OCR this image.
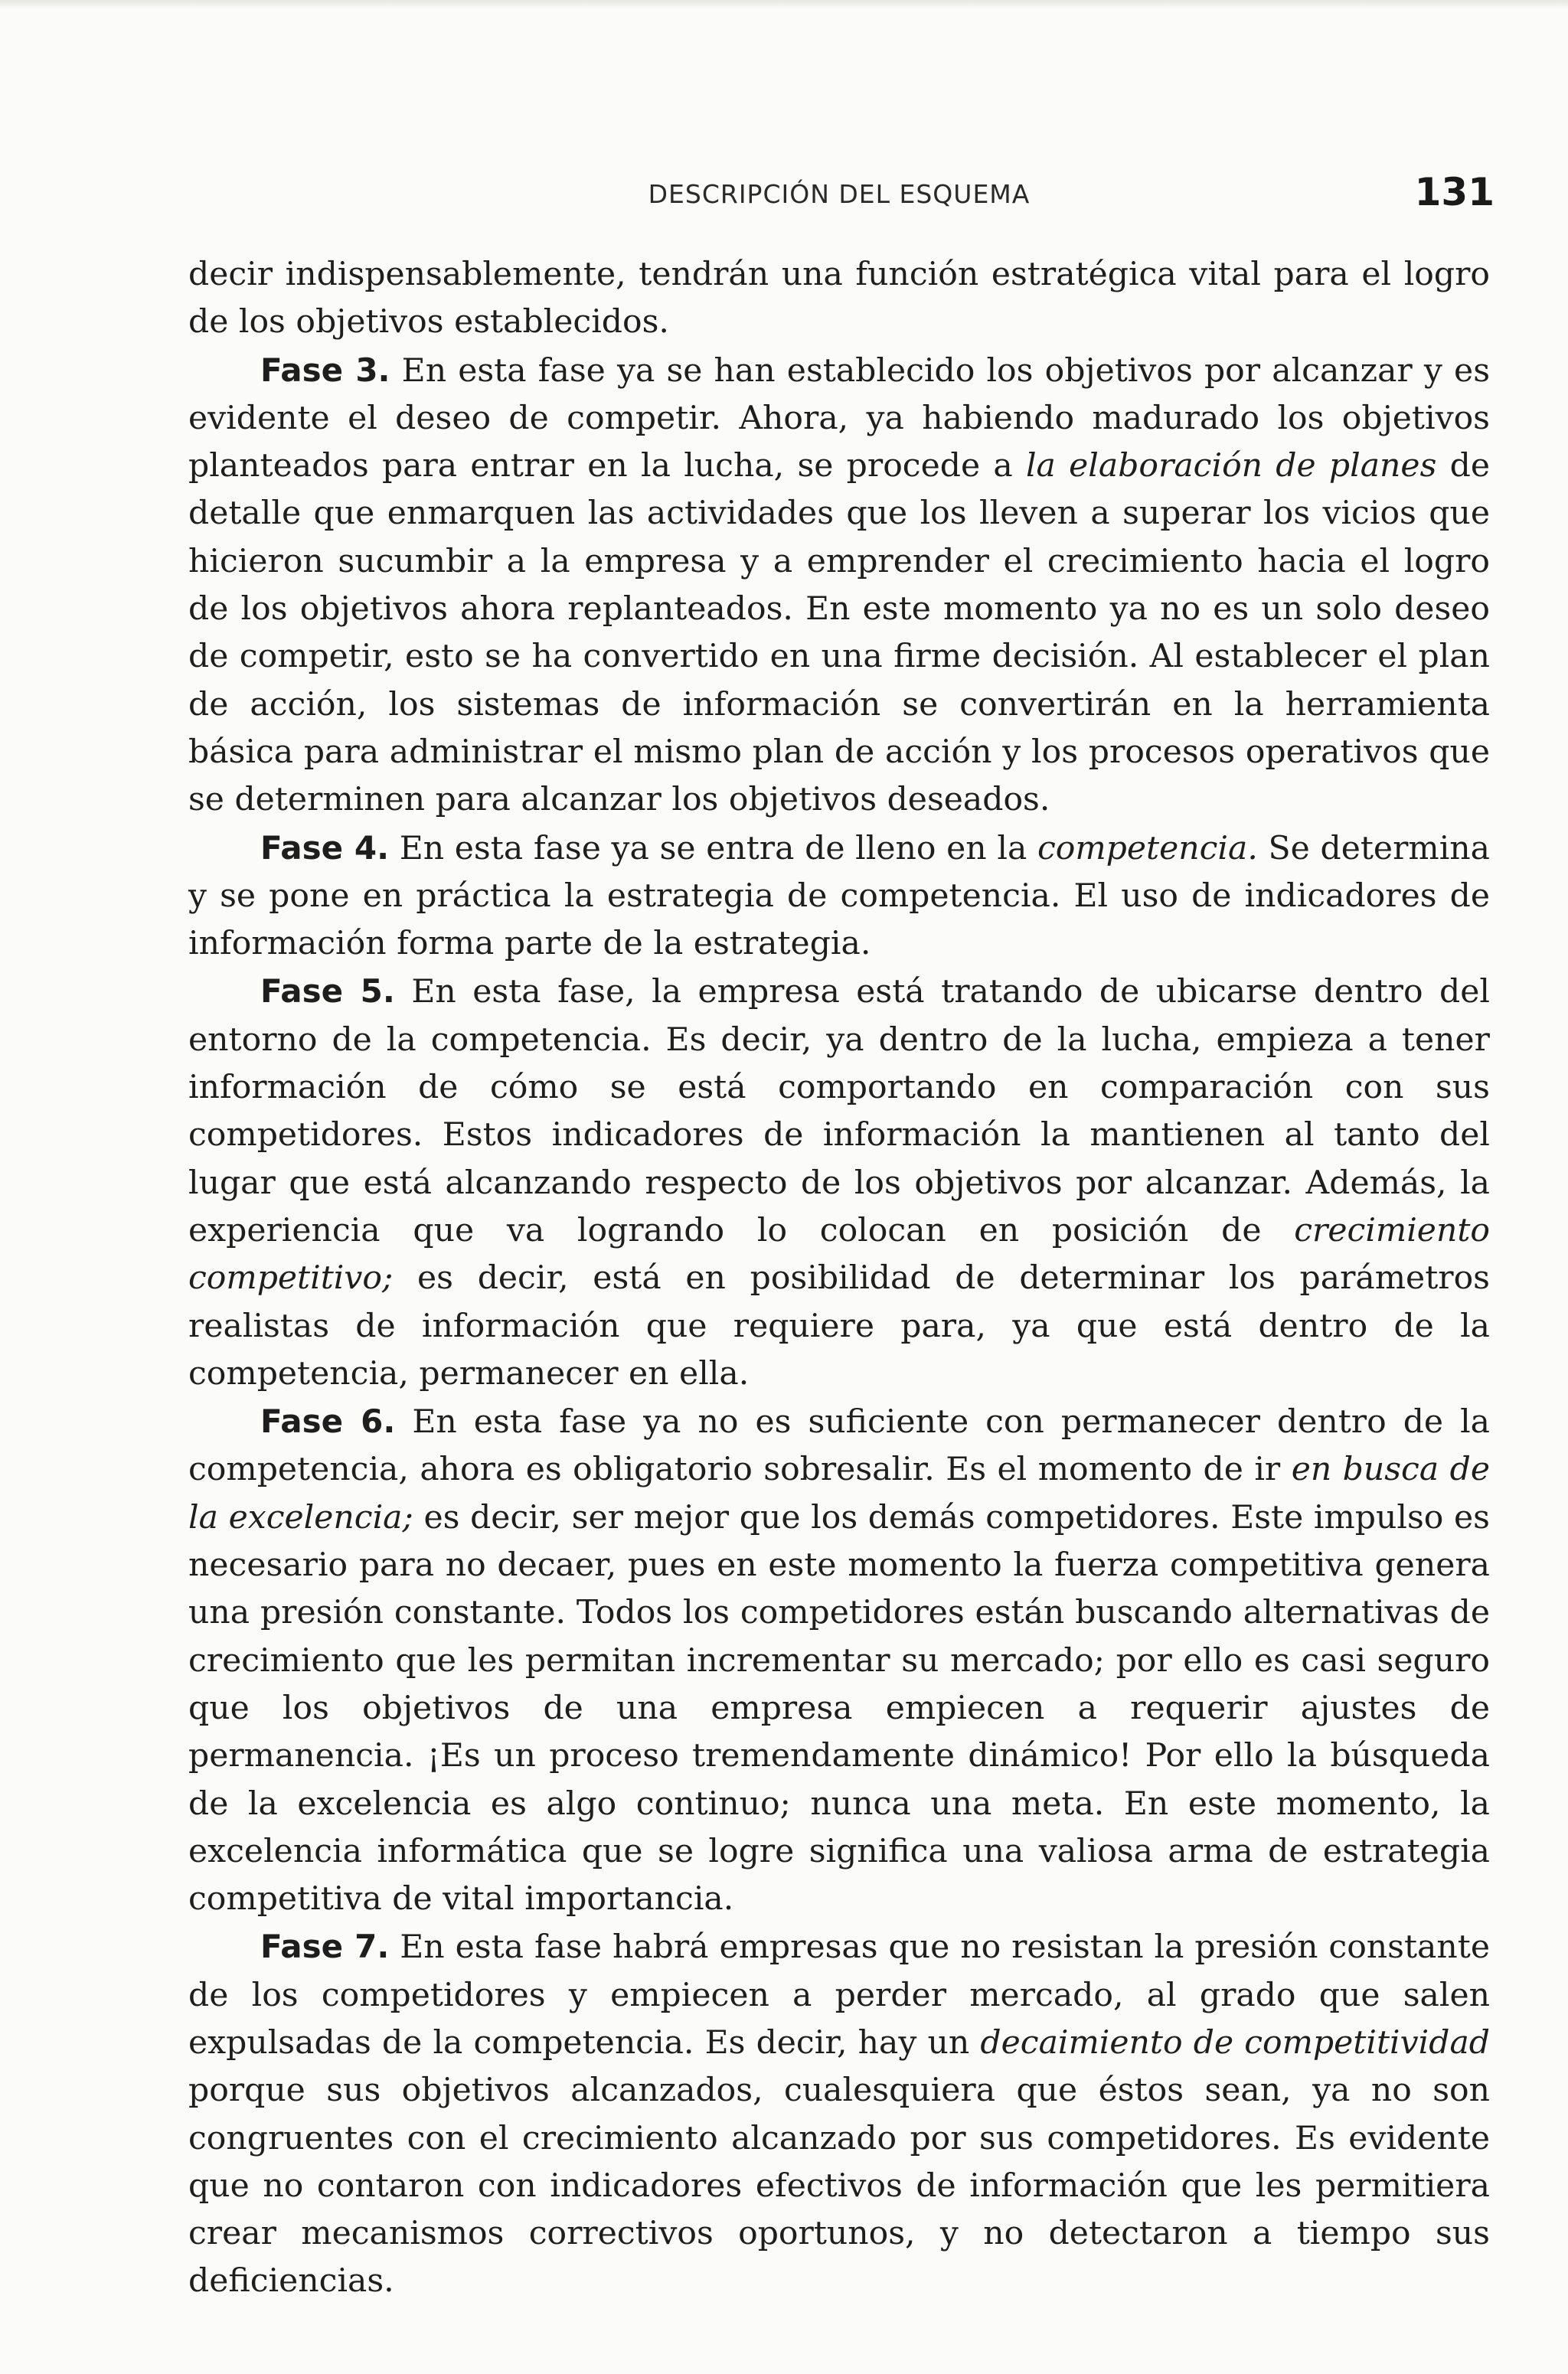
DESCRIPCIÓN DEL ESQUEMA	131

decir indispensablemente, tendrán una función estratégica vital para el logro de los objetivos establecidos.

Fase 3. En esta fase ya se han establecido los objetivos por alcanzar y es evidente el deseo de competir. Ahora, ya habiendo madurado los objetivos planteados para entrar en la lucha, se procede a la elaboración de planes de detalle que enmarquen las actividades que los lleven a superar los vicios que hicieron sucumbir a la empresa y a emprender el crecimiento hacia el logro de los objetivos ahora replanteados. En este momento ya no es un solo deseo de competir, esto se ha convertido en una firme decisión. Al establecer el plan de acción, los sistemas de información se convertirán en la herramienta básica para administrar el mismo plan de acción y los procesos operativos que se determinen para alcanzar los objetivos deseados.

Fase 4. En esta fase ya se entra de lleno en la competencia. Se determina y se pone en práctica la estrategia de competencia. El uso de indicadores de información forma parte de la estrategia.

Fase 5. En esta fase, la empresa está tratando de ubicarse dentro del entorno de la competencia. Es decir, ya dentro de la lucha, empieza a tener información de cómo se está comportando en comparación con sus competidores. Estos indicadores de información la mantienen al tanto del lugar que está alcanzando respecto de los objetivos por alcanzar. Además, la experiencia que va logrando lo colocan en posición de crecimiento competitivo; es decir, está en posibilidad de determinar los parámetros realistas de información que requiere para, ya que está dentro de la competencia, permanecer en ella.

Fase 6. En esta fase ya no es suficiente con permanecer dentro de la competencia, ahora es obligatorio sobresalir. Es el momento de ir en busca de la excelencia; es decir, ser mejor que los demás competidores. Este impulso es necesario para no decaer, pues en este momento la fuerza competitiva genera una presión constante. Todos los competidores están buscando alternativas de crecimiento que les permitan incrementar su mercado; por ello es casi seguro que los objetivos de una empresa empiecen a requerir ajustes de permanencia. ¡Es un proceso tremendamente dinámico! Por ello la búsqueda de la excelencia es algo continuo; nunca una meta. En este momento, la excelencia informática que se logre significa una valiosa arma de estrategia competitiva de vital importancia.

Fase 7. En esta fase habrá empresas que no resistan la presión constante de los competidores y empiecen a perder mercado, al grado que salen expulsadas de la competencia. Es decir, hay un decaimiento de competitividad porque sus objetivos alcanzados, cualesquiera que éstos sean, ya no son congruentes con el crecimiento alcanzado por sus competidores. Es evidente que no contaron con indicadores efectivos de información que les permitiera crear mecanismos correctivos oportunos, y no detectaron a tiempo sus deficiencias.
